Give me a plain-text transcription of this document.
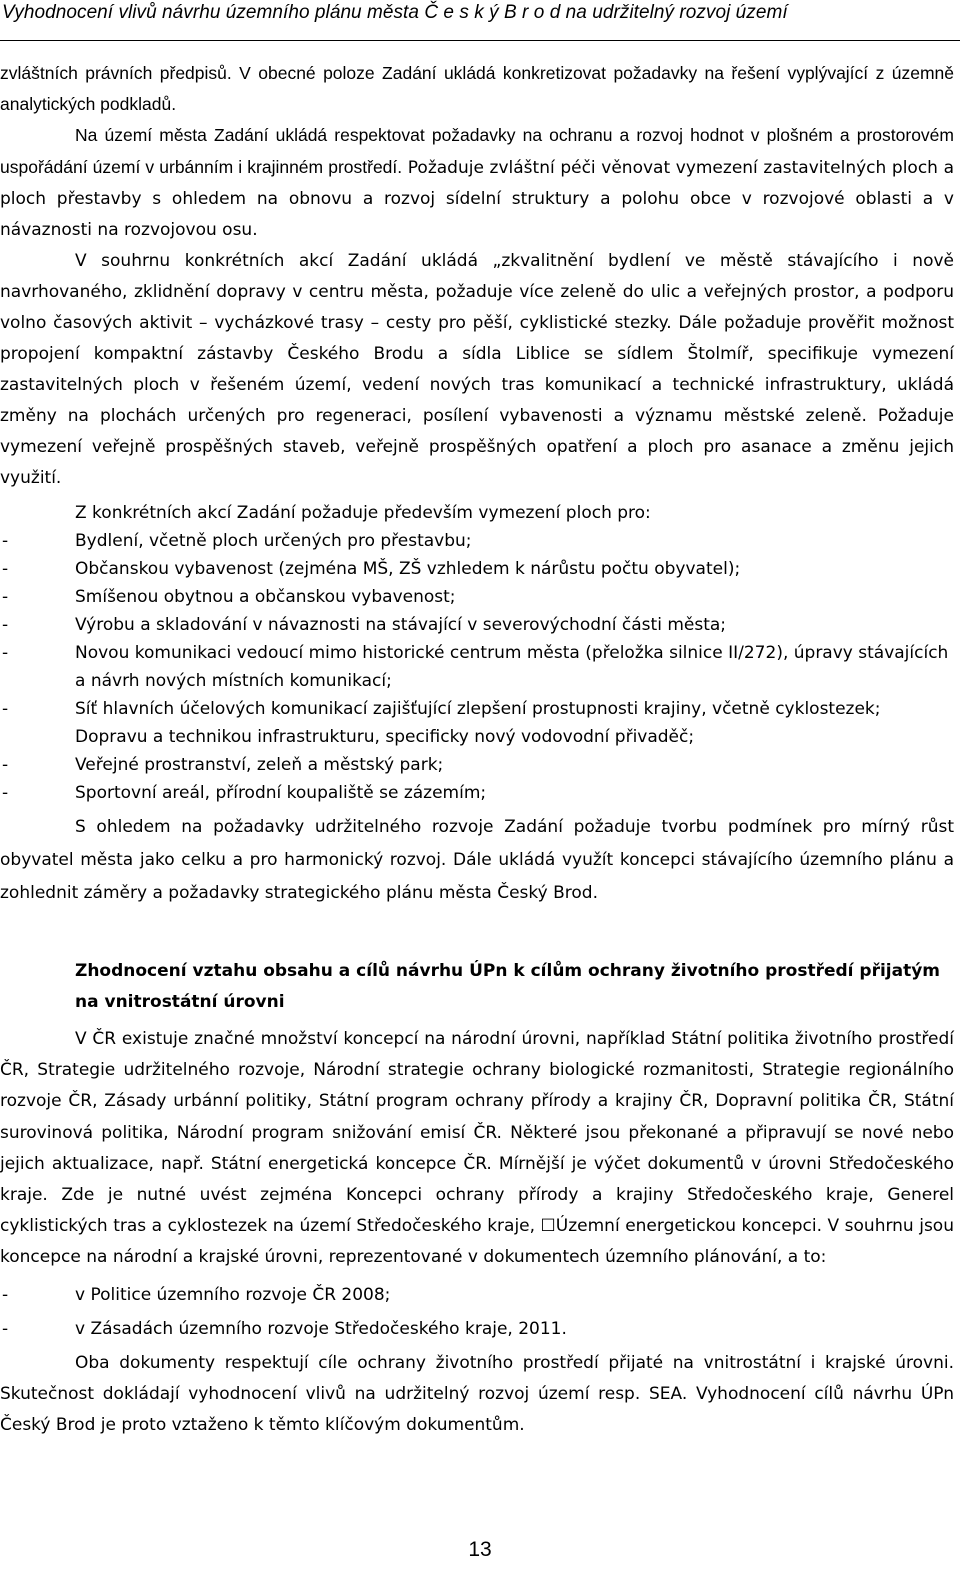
Vyhodnocení vlivů návrhu územního plánu města Č e s k ý B r o d na udržitelný rozvoj území

zvláštních právních předpisů. V obecné poloze Zadání ukládá konkretizovat požadavky na řešení vyplývající z územně analytických podkladů.

Na území města Zadání ukládá respektovat požadavky na ochranu a rozvoj hodnot v plošném a prostorovém uspořádání území v urbánním i krajinném prostředí. Požaduje zvláštní péči věnovat vymezení zastavitelných ploch a ploch přestavby s ohledem na obnovu a rozvoj sídelní struktury a polohu obce v rozvojové oblasti a v návaznosti na rozvojovou osu.

V souhrnu konkrétních akcí Zadání ukládá „zkvalitnění bydlení ve městě stávajícího i nově navrhovaného, zklidnění dopravy v centru města, požaduje více zeleně do ulic a veřejných prostor, a podporu volno časových aktivit – vycházkové trasy – cesty pro pěší, cyklistické stezky. Dále požaduje prověřit možnost propojení kompaktní zástavby Českého Brodu a sídla Liblice se sídlem Štolmíř, specifikuje vymezení zastavitelných ploch v řešeném území, vedení nových tras komunikací a technické infrastruktury, ukládá změny na plochách určených pro regeneraci, posílení vybavenosti a významu městské zeleně. Požaduje vymezení veřejně prospěšných staveb, veřejně prospěšných opatření a ploch pro asanace a změnu jejich využití.

Z konkrétních akcí Zadání požaduje především vymezení ploch pro:

-	Bydlení, včetně ploch určených pro přestavbu;
-	Občanskou vybavenost (zejména MŠ, ZŠ vzhledem k nárůstu počtu obyvatel);
-	Smíšenou obytnou a občanskou vybavenost;
-	Výrobu a skladování v návaznosti na stávající v severovýchodní části města;
-	Novou komunikaci vedoucí mimo historické centrum města (přeložka silnice II/272), úpravy stávajících a návrh nových místních komunikací;
-	Síť hlavních účelových komunikací zajišťující zlepšení prostupnosti krajiny, včetně cyklostezek; Dopravu a technikou infrastrukturu, specificky nový vodovodní přivaděč;
-	Veřejné prostranství, zeleň a městský park;
-	Sportovní areál, přírodní koupaliště se zázemím;

S ohledem na požadavky udržitelného rozvoje Zadání požaduje tvorbu podmínek pro mírný růst obyvatel města jako celku a pro harmonický rozvoj. Dále ukládá využít koncepci stávajícího územního plánu a zohlednit záměry a požadavky strategického plánu města Český Brod.

Zhodnocení vztahu obsahu a cílů návrhu ÚPn k cílům ochrany životního prostředí přijatým na vnitrostátní úrovni

V ČR existuje značné množství koncepcí na národní úrovni, například Státní politika životního prostředí ČR, Strategie udržitelného rozvoje, Národní strategie ochrany biologické rozmanitosti, Strategie regionálního rozvoje ČR, Zásady urbánní politiky, Státní program ochrany přírody a krajiny ČR, Dopravní politika ČR, Státní surovinová politika, Národní program snižování emisí ČR. Některé jsou překonané a připravují se nové nebo jejich aktualizace, např. Státní energetická koncepce ČR. Mírnější je výčet dokumentů v úrovni Středočeského kraje. Zde je nutné uvést zejména Koncepci ochrany přírody a krajiny Středočeského kraje, Generel cyklistických tras a cyklostezek na území Středočeského kraje, ☐Územní energetickou koncepci. V souhrnu jsou koncepce na národní a krajské úrovni, reprezentované v dokumentech územního plánování, a to:

-	v Politice územního rozvoje ČR 2008;
-	v Zásadách územního rozvoje Středočeského kraje, 2011.

Oba dokumenty respektují cíle ochrany životního prostředí přijaté na vnitrostátní i krajské úrovni. Skutečnost dokládají vyhodnocení vlivů na udržitelný rozvoj území resp. SEA. Vyhodnocení cílů návrhu ÚPn Český Brod je proto vztaženo k těmto klíčovým dokumentům.

13
